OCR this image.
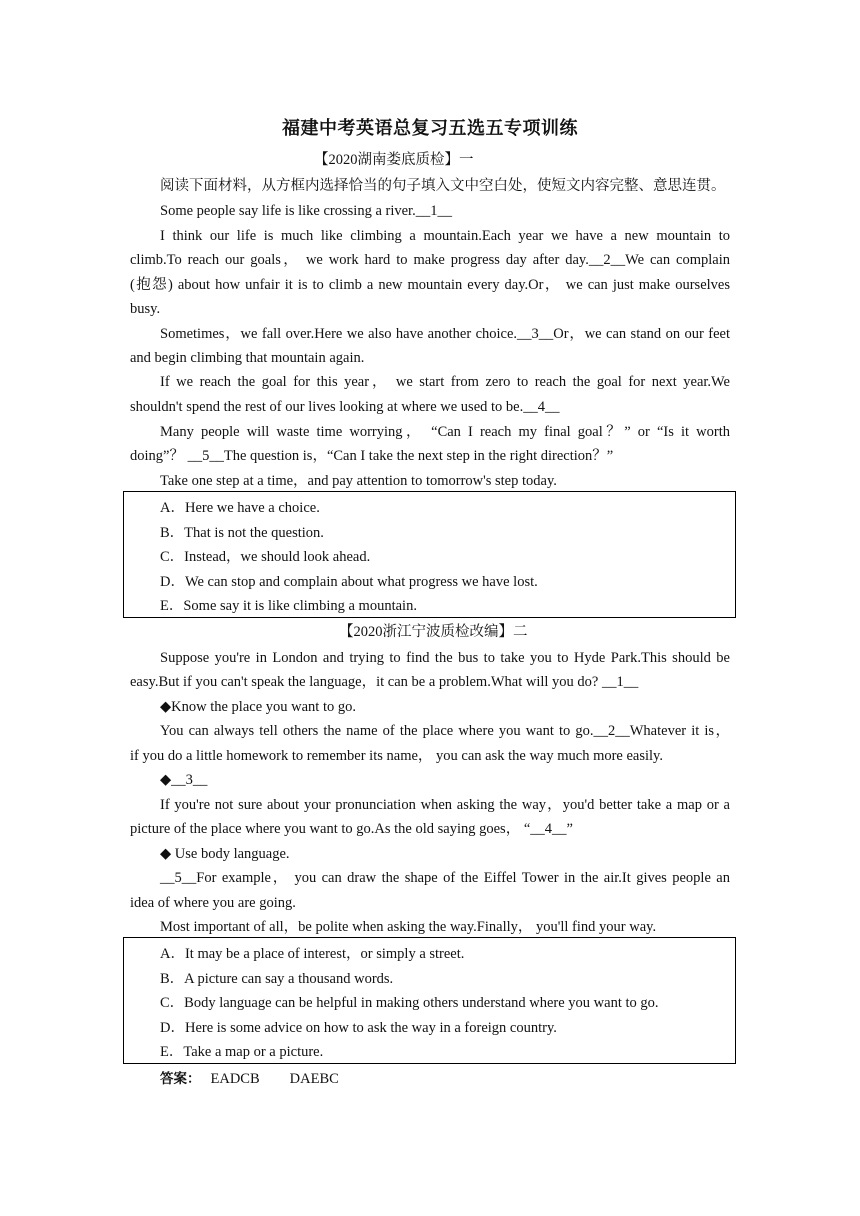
福建中考英语总复习五选五专项训练
【2020湖南娄底质检】一
阅读下面材料，从方框内选择恰当的句子填入文中空白处，使短文内容完整、意思连贯。
Some people say life is like crossing a river.__1__
I think our life is much like climbing a mountain.Each year we have a new mountain to
climb.To reach our goals， we work hard to make progress day after day.__2__We can complain
(抱怨) about how unfair it is to climb a new mountain every day.Or， we can just make ourselves
busy.
Sometimes，we fall over.Here we also have another choice.__3__Or，we can stand on our feet
and begin climbing that mountain again.
If we reach the goal for this year， we start from zero to reach the goal for next year.We
shouldn't spend the rest of our lives looking at where we used to be.__4__
Many people will waste time worrying， “Can I reach my final goal？” or “Is it worth
doing”？ __5__The question is，“Can I take the next step in the right direction？”
Take one step at a time，and pay attention to tomorrow's step today.
A．Here we have a choice.
B．That is not the question.
C．Instead，we should look ahead.
D．We can stop and complain about what progress we have lost.
E．Some say it is like climbing a mountain.
【2020浙江宁波质检改编】二
Suppose you're in London and trying to find the bus to take you to Hyde Park.This should be
easy.But if you can't speak the language，it can be a problem.What will you do? __1__
◆Know the place you want to go.
You can always tell others the name of the place where you want to go.__2__Whatever it is，
if you do a little homework to remember its name， you can ask the way much more easily.
◆__3__
If you're not sure about your pronunciation when asking the way，you'd better take a map or a
picture of the place where you want to go.As the old saying goes， “__4__”
◆ Use body language.
__5__For example， you can draw the shape of the Eiffel Tower in the air.It gives people an
idea of where you are going.
Most important of all，be polite when asking the way.Finally， you'll find your way.
A．It may be a place of interest，or simply a street.
B．A picture can say a thousand words.
C．Body language can be helpful in making others understand where you want to go.
D．Here is some advice on how to ask the way in a foreign country.
E．Take a map or a picture.
答案： EADCB DAEBC
